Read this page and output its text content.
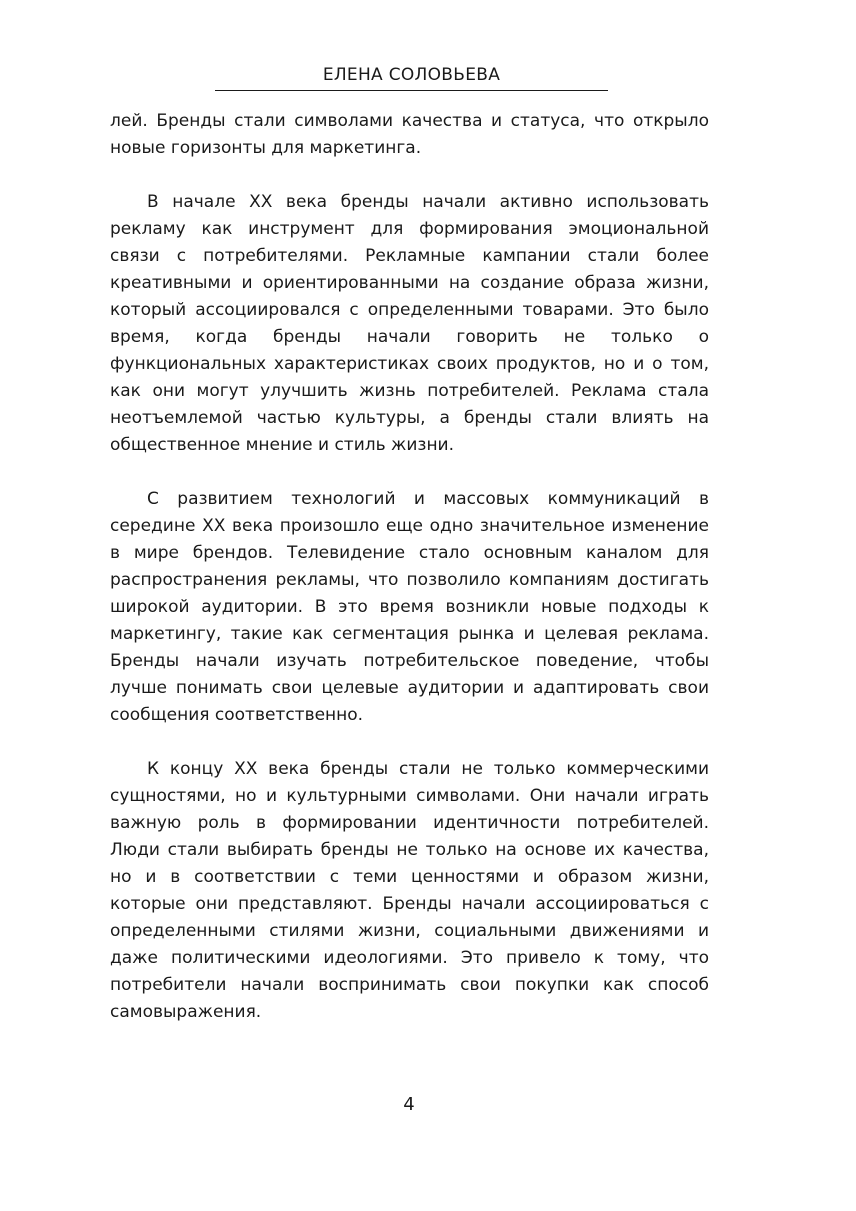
ЕЛЕНА СОЛОВЬЕВА

лей. Бренды стали символами качества и статуса, что открыло новые горизонты для маркетинга.

В начале XX века бренды начали активно использовать рекламу как инструмент для формирования эмоциональной связи с потребителями. Рекламные кампании стали более креативными и ориентированными на создание образа жизни, который ассоциировался с определенными товарами. Это было время, когда бренды начали говорить не только о функциональных характеристиках своих продуктов, но и о том, как они могут улучшить жизнь потребителей. Реклама стала неотъемлемой частью культуры, а бренды стали влиять на общественное мнение и стиль жизни.

С развитием технологий и массовых коммуникаций в середине XX века произошло еще одно значительное изменение в мире брендов. Телевидение стало основным каналом для распространения рекламы, что позволило компаниям достигать широкой аудитории. В это время возникли новые подходы к маркетингу, такие как сегментация рынка и целевая реклама. Бренды начали изучать потребительское поведение, чтобы лучше понимать свои целевые аудитории и адаптировать свои сообщения соответственно.

К концу XX века бренды стали не только коммерческими сущностями, но и культурными символами. Они начали играть важную роль в формировании идентичности потребителей. Люди стали выбирать бренды не только на основе их качества, но и в соответствии с теми ценностями и образом жизни, которые они представляют. Бренды начали ассоциироваться с определенными стилями жизни, социальными движениями и даже политическими идеологиями. Это привело к тому, что потребители начали воспринимать свои покупки как способ самовыражения.

4
